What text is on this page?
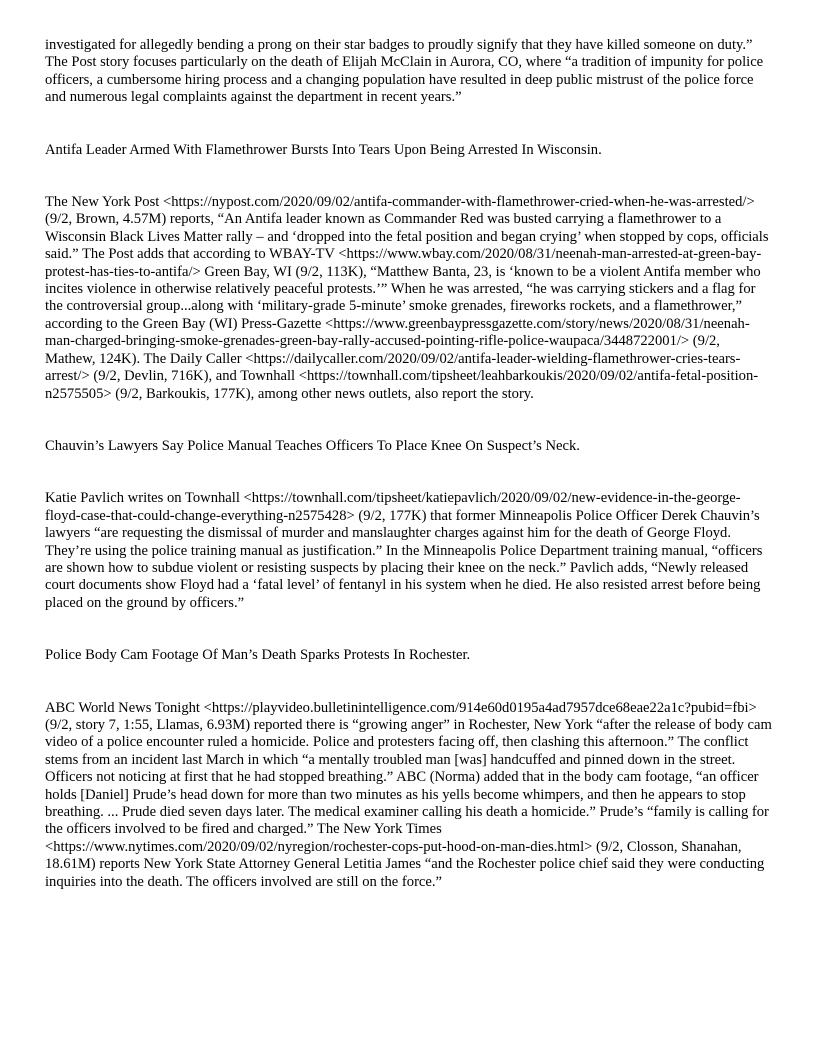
investigated for allegedly bending a prong on their star badges to proudly signify that they have killed someone on duty.” The Post story focuses particularly on the death of Elijah McClain in Aurora, CO, where “a tradition of impunity for police officers, a cumbersome hiring process and a changing population have resulted in deep public mistrust of the police force and numerous legal complaints against the department in recent years.”

Antifa Leader Armed With Flamethrower Bursts Into Tears Upon Being Arrested In Wisconsin.

The New York Post <https://nypost.com/2020/09/02/antifa-commander-with-flamethrower-cried-when-he-was-arrested/> (9/2, Brown, 4.57M) reports, “An Antifa leader known as Commander Red was busted carrying a flamethrower to a Wisconsin Black Lives Matter rally – and ‘dropped into the fetal position and began crying’ when stopped by cops, officials said.” The Post adds that according to WBAY-TV <https://www.wbay.com/2020/08/31/neenah-man-arrested-at-green-bay-protest-has-ties-to-antifa/> Green Bay, WI (9/2, 113K), “Matthew Banta, 23, is ‘known to be a violent Antifa member who incites violence in otherwise relatively peaceful protests.’” When he was arrested, “he was carrying stickers and a flag for the controversial group...along with ‘military-grade 5-minute’ smoke grenades, fireworks rockets, and a flamethrower,” according to the Green Bay (WI) Press-Gazette <https://www.greenbaypressgazette.com/story/news/2020/08/31/neenah-man-charged-bringing-smoke-grenades-green-bay-rally-accused-pointing-rifle-police-waupaca/3448722001/> (9/2, Mathew, 124K). The Daily Caller <https://dailycaller.com/2020/09/02/antifa-leader-wielding-flamethrower-cries-tears-arrest/> (9/2, Devlin, 716K), and Townhall <https://townhall.com/tipsheet/leahbarkoukis/2020/09/02/antifa-fetal-position-n2575505> (9/2, Barkoukis, 177K), among other news outlets, also report the story.

Chauvin’s Lawyers Say Police Manual Teaches Officers To Place Knee On Suspect’s Neck.

Katie Pavlich writes on Townhall <https://townhall.com/tipsheet/katiepavlich/2020/09/02/new-evidence-in-the-george-floyd-case-that-could-change-everything-n2575428> (9/2, 177K) that former Minneapolis Police Officer Derek Chauvin’s lawyers “are requesting the dismissal of murder and manslaughter charges against him for the death of George Floyd. They’re using the police training manual as justification.” In the Minneapolis Police Department training manual, “officers are shown how to subdue violent or resisting suspects by placing their knee on the neck.” Pavlich adds, “Newly released court documents show Floyd had a ‘fatal level’ of fentanyl in his system when he died. He also resisted arrest before being placed on the ground by officers.”

Police Body Cam Footage Of Man’s Death Sparks Protests In Rochester.

ABC World News Tonight <https://playvideo.bulletinintelligence.com/914e60d0195a4ad7957dce68eae22a1c?pubid=fbi> (9/2, story 7, 1:55, Llamas, 6.93M) reported there is “growing anger” in Rochester, New York “after the release of body cam video of a police encounter ruled a homicide. Police and protesters facing off, then clashing this afternoon.” The conflict stems from an incident last March in which “a mentally troubled man [was] handcuffed and pinned down in the street. Officers not noticing at first that he had stopped breathing.” ABC (Norma) added that in the body cam footage, “an officer holds [Daniel] Prude’s head down for more than two minutes as his yells become whimpers, and then he appears to stop breathing. ... Prude died seven days later. The medical examiner calling his death a homicide.” Prude’s “family is calling for the officers involved to be fired and charged.” The New York Times <https://www.nytimes.com/2020/09/02/nyregion/rochester-cops-put-hood-on-man-dies.html> (9/2, Closson, Shanahan, 18.61M) reports New York State Attorney General Letitia James “and the Rochester police chief said they were conducting inquiries into the death. The officers involved are still on the force.”
